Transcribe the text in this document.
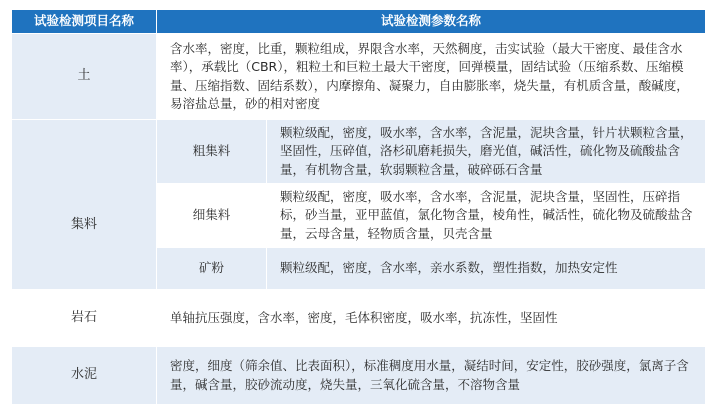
试验检测项目名称	试验检测参数名称	
土	含水率，密度，比重，颗粒组成，界限含水率，天然稠度，击实试验（最大干密度、最佳含水率），承载比（CBR），粗粒土和巨粒土最大干密度，回弹模量，固结试验（压缩系数、压缩模量、压缩指数、固结系数），内摩擦角、凝聚力，自由膨胀率，烧失量，有机质含量，酸碱度，易溶盐总量，砂的相对密度	
集料	粗集料	颗粒级配，密度，吸水率，含水率，含泥量，泥块含量，针片状颗粒含量，坚固性，压碎值，洛杉矶磨耗损失，磨光值，碱活性，硫化物及硫酸盐含量，有机物含量，软弱颗粒含量，破碎砾石含量
	细集料	颗粒级配，密度，吸水率，含水率，含泥量，泥块含量，坚固性，压碎指标，砂当量，亚甲蓝值，氯化物含量，棱角性，碱活性，硫化物及硫酸盐含量，云母含量，轻物质含量，贝壳含量
	矿粉	颗粒级配，密度，含水率，亲水系数，塑性指数，加热安定性
岩石	单轴抗压强度，含水率，密度，毛体积密度，吸水率，抗冻性，坚固性	
水泥	密度，细度（筛余值、比表面积），标准稠度用水量，凝结时间，安定性，胶砂强度，氯离子含量，碱含量，胶砂流动度，烧失量，三氧化硫含量，不溶物含量	
